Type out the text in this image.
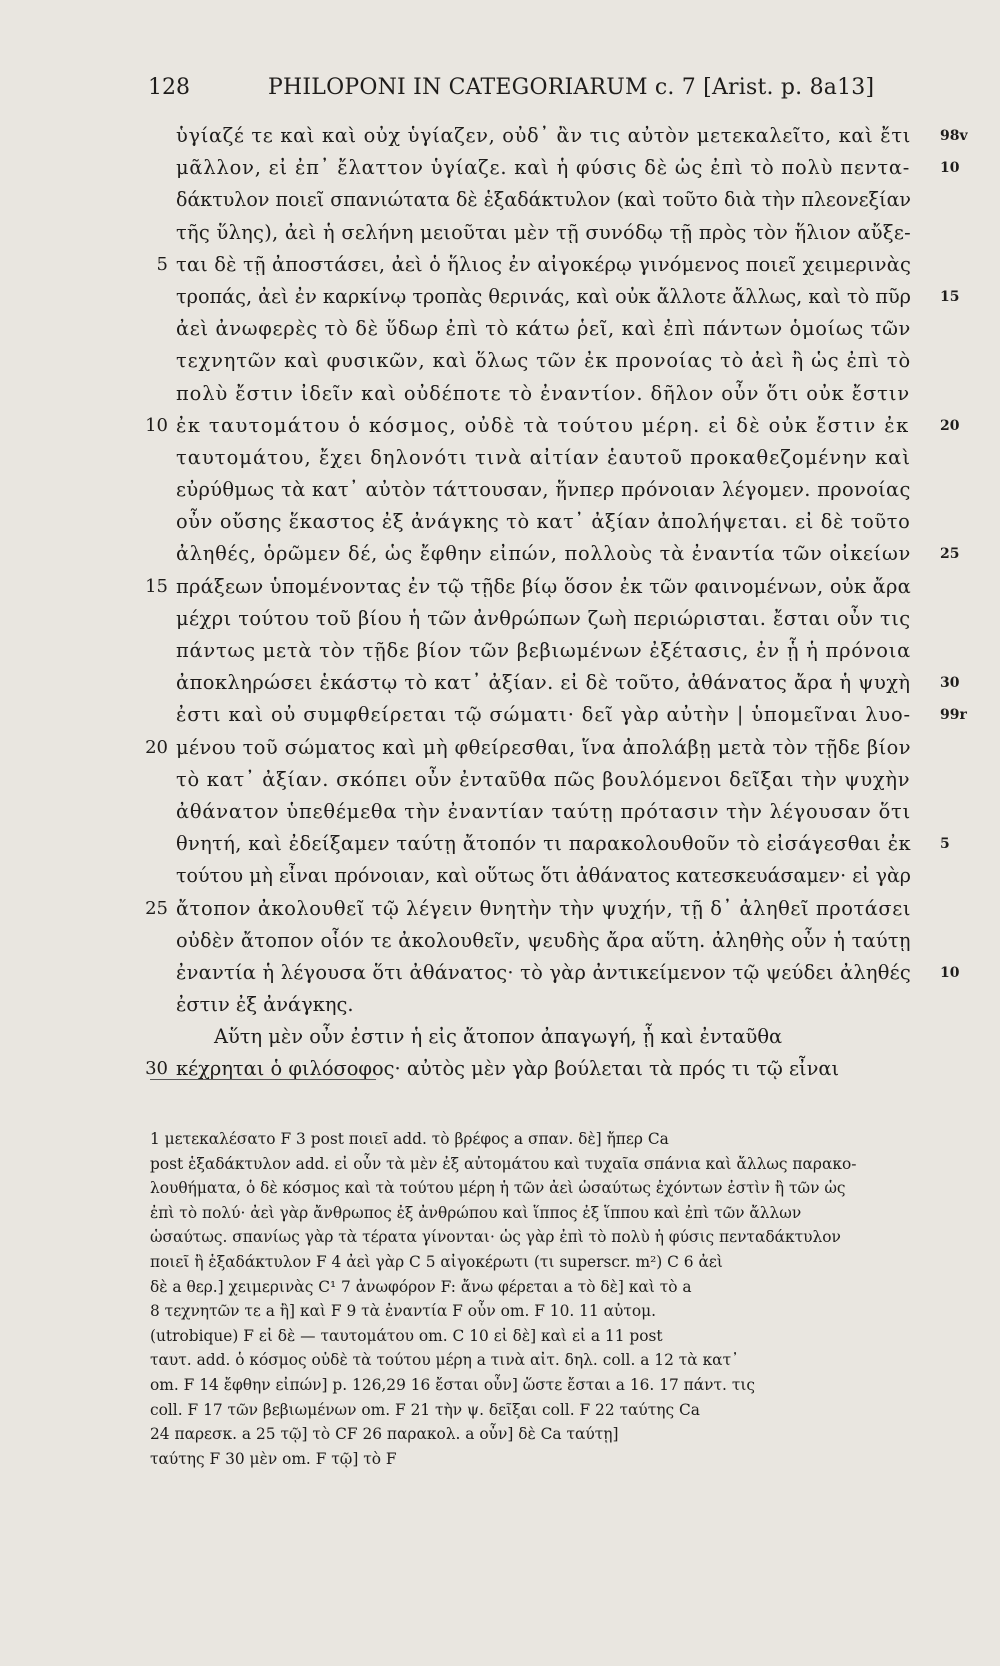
128	PHILOPONI IN CATEGORIARUM c. 7 [Arist. p. 8a13]
ὑγίαζέ τε καὶ καὶ οὐχ ὑγίαζεν, οὐδ᾽ ἂν τις αὐτὸν μετεκαλεῖτο, καὶ ἔτι 98v
μᾶλλον, εἰ ἐπ᾽ ἔλαττον ὑγίαζε. καὶ ἡ φύσις δὲ ὡς ἐπὶ τὸ πολὺ πεντα- 10
δάκτυλον ποιεῖ σπανιώτατα δὲ ἑξαδάκτυλον (καὶ τοῦτο διὰ τὴν πλεονεξίαν
τῆς ὕλης), ἀεὶ ἡ σελήνη μειοῦται μὲν τῇ συνόδῳ τῇ πρὸς τὸν ἥλιον αὔξε-
5 ται δὲ τῇ ἀποστάσει, ἀεὶ ὁ ἥλιος ἐν αἰγοκέρῳ γινόμενος ποιεῖ χειμερινὰς
τροπάς, ἀεὶ ἐν καρκίνῳ τροπὰς θερινάς, καὶ οὐκ ἄλλοτε ἄλλως, καὶ τὸ πῦρ 15
ἀεὶ ἀνωφερὲς τὸ δὲ ὕδωρ ἐπὶ τὸ κάτω ῥεῖ, καὶ ἐπὶ πάντων ὁμοίως τῶν
τεχνητῶν καὶ φυσικῶν, καὶ ὅλως τῶν ἐκ προνοίας τὸ ἀεὶ ἢ ὡς ἐπὶ τὸ
πολὺ ἔστιν ἰδεῖν καὶ οὐδέποτε τὸ ἐναντίον. δῆλον οὖν ὅτι οὐκ ἔστιν
10 ἐκ ταυτομάτου ὁ κόσμος, οὐδὲ τὰ τούτου μέρη. εἰ δὲ οὐκ ἔστιν ἐκ 20
ταυτομάτου, ἔχει δηλονότι τινὰ αἰτίαν ἑαυτοῦ προκαθεζομένην καὶ
εὐρύθμως τὰ κατ᾽ αὐτὸν τάττουσαν, ἥνπερ πρόνοιαν λέγομεν. προνοίας
οὖν οὔσης ἕκαστος ἐξ ἀνάγκης τὸ κατ᾽ ἀξίαν ἀπολήψεται. εἰ δὲ τοῦτο
ἀληθές, ὁρῶμεν δέ, ὡς ἔφθην εἰπών, πολλοὺς τὰ ἐναντία τῶν οἰκείων 25
15 πράξεων ὑπομένοντας ἐν τῷ τῇδε βίῳ ὅσον ἐκ τῶν φαινομένων, οὐκ ἄρα
μέχρι τούτου τοῦ βίου ἡ τῶν ἀνθρώπων ζωὴ περιώρισται. ἔσται οὖν τις
πάντως μετὰ τὸν τῇδε βίον τῶν βεβιωμένων ἐξέτασις, ἐν ᾗ ἡ πρόνοια
ἀποκληρώσει ἑκάστῳ τὸ κατ᾽ ἀξίαν. εἰ δὲ τοῦτο, ἀθάνατος ἄρα ἡ ψυχὴ 30
ἐστι καὶ οὐ συμφθείρεται τῷ σώματι· δεῖ γὰρ αὐτὴν | ὑπομεῖναι λυο- 99r
20 μένου τοῦ σώματος καὶ μὴ φθείρεσθαι, ἵνα ἀπολάβῃ μετὰ τὸν τῇδε βίον
τὸ κατ᾽ ἀξίαν. σκόπει οὖν ἐνταῦθα πῶς βουλόμενοι δεῖξαι τὴν ψυχὴν
ἀθάνατον ὑπεθέμεθα τὴν ἐναντίαν ταύτῃ πρότασιν τὴν λέγουσαν ὅτι
θνητή, καὶ ἐδείξαμεν ταύτῃ ἄτοπόν τι παρακολουθοῦν τὸ εἰσάγεσθαι ἐκ 5
τούτου μὴ εἶναι πρόνοιαν, καὶ οὕτως ὅτι ἀθάνατος κατεσκευάσαμεν· εἰ γὰρ
25 ἄτοπον ἀκολουθεῖ τῷ λέγειν θνητὴν τὴν ψυχήν, τῇ δ᾽ ἀληθεῖ προτάσει
οὐδὲν ἄτοπον οἷόν τε ἀκολουθεῖν, ψευδὴς ἄρα αὕτη. ἀληθὴς οὖν ἡ ταύτῃ
ἐναντία ἡ λέγουσα ὅτι ἀθάνατος· τὸ γὰρ ἀντικείμενον τῷ ψεύδει ἀληθές 10
ἐστιν ἐξ ἀνάγκης.
Αὕτη μὲν οὖν ἐστιν ἡ εἰς ἄτοπον ἀπαγωγή, ᾗ καὶ ἐνταῦθα
30 κέχρηται ὁ φιλόσοφος· αὐτὸς μὲν γὰρ βούλεται τὰ πρός τι τῷ εἶναι
1 μετεκαλέσατο F 3 post ποιεῖ add. τὸ βρέφος a σπαν. δὲ] ἤπερ Ca
post ἑξαδάκτυλον add. εἰ οὖν τὰ μὲν ἐξ αὐτομάτου καὶ τυχαῖα σπάνια καὶ ἄλλως παρακο-
λουθήματα, ὁ δὲ κόσμος καὶ τὰ τούτου μέρη ἡ τῶν ἀεὶ ὡσαύτως ἐχόντων ἐστὶν ἢ τῶν ὡς
ἐπὶ τὸ πολύ· ἀεὶ γὰρ ἄνθρωπος ἐξ ἀνθρώπου καὶ ἵππος ἐξ ἵππου καὶ ἐπὶ τῶν ἄλλων
ὡσαύτως. σπανίως γὰρ τὰ τέρατα γίνονται· ὡς γὰρ ἐπὶ τὸ πολὺ ἡ φύσις πενταδάκτυλον
ποιεῖ ἢ ἑξαδάκτυλον F 4 ἀεὶ γὰρ C 5 αἰγοκέρωτι (τι superscr. m²) C 6 ἀεὶ
δὲ a θερ.] χειμερινὰς C¹ 7 ἀνωφόρον F: ἄνω φέρεται a τὸ δὲ] καὶ τὸ a
8 τεχνητῶν τε a ἢ] καὶ F 9 τὰ ἐναντία F οὖν om. F 10. 11 αὐτομ.
(utrobique) F εἰ δὲ — ταυτομάτου om. C 10 εἰ δὲ] καὶ εἰ a 11 post
ταυτ. add. ὁ κόσμος οὐδὲ τὰ τούτου μέρη a τινὰ αἰτ. δηλ. coll. a 12 τὰ κατ᾽
om. F 14 ἔφθην εἰπών] p. 126,29 16 ἔσται οὖν] ὥστε ἔσται a 16. 17 πάντ. τις
coll. F 17 τῶν βεβιωμένων om. F 21 τὴν ψ. δεῖξαι coll. F 22 ταύτης Ca
24 παρεσκ. a 25 τῷ] τὸ CF 26 παρακολ. a οὖν] δὲ Ca ταύτῃ]
ταύτης F 30 μὲν om. F τῷ] τὸ F
